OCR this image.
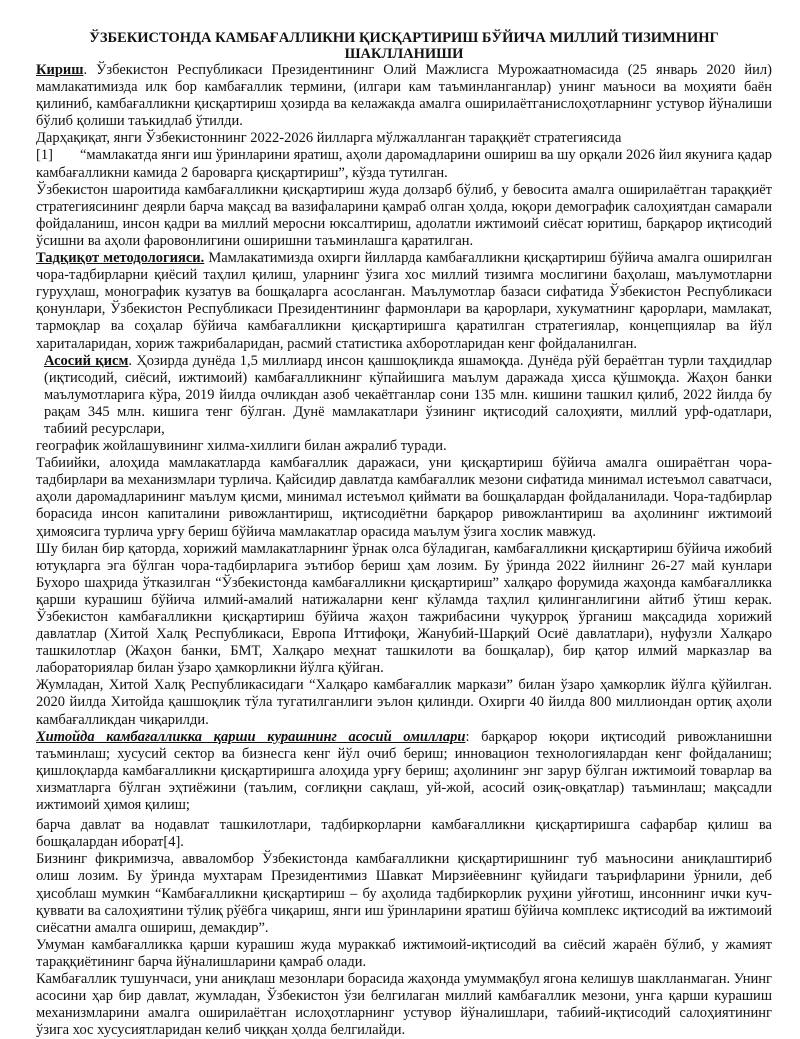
ЎЗБЕКИСТОНДА КАМБАҒАЛЛИКНИ ҚИСҚАРТИРИШ БЎЙИЧА МИЛЛИЙ ТИЗИМНИНГ ШАКЛЛАНИШИ

Кириш. Ўзбекистон Республикаси Президентининг Олий Мажлисга Мурожаатномасида (25 январь 2020 йил) мамлакатимизда илк бор камбағаллик термини, (илгари кам таъминланганлар) унинг маъноси ва моҳияти баён қилиниб, камбағалликни қисқартириш ҳозирда ва келажакда амалга оширилаётганислоҳотларнинг устувор йўналиши бўлиб қолиши таъкидлаб ўтилди.

Дарҳақиқат, янги Ўзбекистоннинг 2022-2026 йилларга мўлжалланган тараққиёт стратегиясида

[1] “мамлакатда янги иш ўринларини яратиш, аҳоли даромадларини ошириш ва шу орқали 2026 йил якунига қадар камбағалликни камида 2 бароварга қисқартириш”, кўзда тутилган.

Ўзбекистон шароитида камбағалликни қисқартириш жуда долзарб бўлиб, у бевосита амалга оширилаётган тараққиёт стратегиясининг деярли барча мақсад ва вазифаларини қамраб олган ҳолда, юқори демографик салоҳиятдан самарали фойдаланиш, инсон қадри ва миллий меросни юксалтириш, адолатли ижтимоий сиёсат юритиш, барқарор иқтисодий ўсишни ва аҳоли фаровонлигини оширишни таъминлашга қаратилган.

Тадқиқот методологияси. Мамлакатимизда охирги йилларда камбағалликни қисқартириш бўйича амалга оширилган чора-тадбирларни қиёсий таҳлил қилиш, уларнинг ўзига хос миллий тизимга мослигини баҳолаш, маълумотларни гуруҳлаш, монографик кузатув ва бошқаларга асосланган. Маълумотлар базаси сифатида Ўзбекистон Республикаси қонунлари, Ўзбекистон Республикаси Президентининг фармонлари ва қарорлари, хукуматнинг қарорлари, мамлакат, тармоқлар ва соҳалар бўйича камбағалликни қисқартиришга қаратилган стратегиялар, концепциялар ва йўл хариталаридан, хориж тажрибаларидан, расмий статистика ахборотларидан кенг фойдаланилган.

Асосий қисм. Ҳозирда дунёда 1,5 миллиард инсон қашшоқликда яшамоқда. Дунёда рўй бераётган турли таҳдидлар (иқтисодий, сиёсий, ижтимоий) камбағалликнинг кўпайишига маълум даражада ҳисса қўшмоқда. Жаҳон банки маълумотларига кўра, 2019 йилда очликдан азоб чекаётганлар сони 135 млн. кишини ташкил қилиб, 2022 йилда бу рақам 345 млн. кишига тенг бўлган. Дунё мамлакатлари ўзининг иқтисодий салоҳияти, миллий урф-одатлари, табиий ресурслари,

географик жойлашувининг хилма-хиллиги билан ажралиб туради.

Табиийки, алоҳида мамлакатларда камбағаллик даражаси, уни қисқартириш бўйича амалга оширaётган чора-тадбирлари ва механизмлари турлича. Қайсидир давлатда камбағаллик мезони сифатида минимал истеъмол саватчаси, аҳоли даромадларининг маълум қисми, минимал истеъмол қиймати ва бошқалардан фойдаланилади. Чора-тадбирлар борасида инсон капиталини ривожлантириш, иқтисодиётни барқарор ривожлантириш ва аҳолининг ижтимоий ҳимоясига турлича урғу бериш бўйича мамлакатлар орасида маълум ўзига хослик мавжуд.

Шу билан бир қаторда, хорижий мамлакатларнинг ўрнак олса бўладиган, камбағалликни қисқартириш бўйича ижобий ютуқларга эга бўлган чора-тадбирларига эътибор бериш ҳам лозим. Бу ўринда 2022 йилнинг 26-27 май кунлари Бухоро шаҳрида ўтказилган “Ўзбекистонда камбағалликни қисқартириш” халқаро форумида жаҳонда камбағалликка қарши курашиш бўйича илмий-амалий натижаларни кенг кўламда таҳлил қилинганлигини айтиб ўтиш керак. Ўзбекистон камбағалликни қисқартириш бўйича жаҳон тажрибасини чуқуррoқ ўрганиш мақсадида хорижий давлатлар (Хитой Халқ Республикаси, Европа Иттифоқи, Жанубий-Шарқий Осиё давлатлари), нуфузли Халқаро ташкилотлар (Жаҳон банки, БМТ, Халқаро меҳнат ташкилоти ва бошқалар), бир қатор илмий марказлар ва лабораториялар билан ўзаро ҳамкорликни йўлга қўйган.

Жумладан, Хитой Халқ Республикасидаги “Халқаро камбағаллик маркази” билан ўзаро ҳамкорлик йўлга қўйилган. 2020 йилда Хитойда қашшоқлик тўла тугатилганлиги эълон қилинди. Охирги 40 йилда 800 миллиондан ортиқ аҳоли камбағалликдан чиқарилди.

Хитойда камбағалликка қарши курашнинг асосий омиллари: барқарор юқори иқтисодий ривожланишни таъминлаш; хусусий сектор ва бизнесга кенг йўл очиб бериш; инновацион технологиялардан кенг фойдаланиш; қишлоқларда камбағалликни қисқартиришга алоҳида урғу бериш; аҳолининг энг зарур бўлган ижтимоий товарлар ва хизматларга бўлган эҳтиёжини (таълим, соғлиқни сақлаш, уй-жой, асосий озиқ-овқатлар) таъминлаш; мақсадли ижтимоий ҳимоя қилиш;

барча давлат ва нодавлат ташкилотлари, тадбиркорларни камбағалликни қисқартиришга сафарбар қилиш ва бошқалардан иборат[4].

Бизнинг фикримизча, авваломбор Ўзбекистонда камбағалликни қисқартиришнинг туб маъносини аниқлаштириб олиш лозим. Бу ўринда мухтарам Президентимиз Шавкат Мирзиёевнинг қуйидаги таърифларини ўрнили, деб ҳисоблаш мумкин “Камбағалликни қисқартириш – бу аҳолида тадбиркорлик руҳини уйғотиш, инсоннинг ички куч-қуввати ва салоҳиятини тўлиқ рўёбга чиқариш, янги иш ўринларини яратиш бўйича комплекс иқтисодий ва ижтимоий сиёсатни амалга ошириш, демакдир”.

Умуман камбағалликка қарши курашиш жуда мураккаб ижтимоий-иқтисодий ва сиёсий жараён бўлиб, у жамият тараққиётининг барча йўналишларини қамраб олади.

Камбағаллик тушунчаси, уни аниқлаш мезонлари борасида жаҳонда умуммақбул ягона келишув шаклланмаган. Унинг асосини ҳар бир давлат, жумладан, Ўзбекистон ўзи белгилаган миллий камбағаллик мезони, унга қарши курашиш механизмларини амалга оширилаётган ислоҳотларнинг устувор йўналишлари, табиий-иқтисодий салоҳиятининг ўзига хос хусусиятларидан келиб чиққан ҳолда белгилайди.
